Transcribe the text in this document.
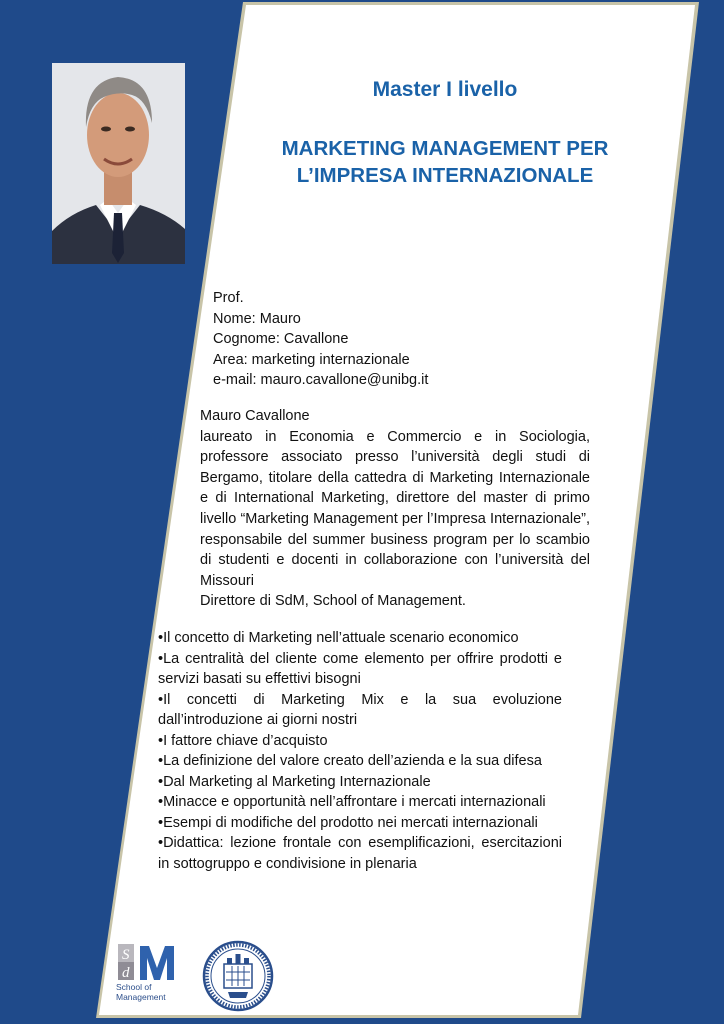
Master I livello
MARKETING MANAGEMENT PER
L’IMPRESA INTERNAZIONALE
Prof.
Nome: Mauro
Cognome: Cavallone
Area: marketing internazionale
e-mail: mauro.cavallone@unibg.it

Mauro Cavallone

laureato in Economia e Commercio e in Sociologia, professore associato presso l’università degli studi di Bergamo, titolare della cattedra di Marketing Internazionale e di International Marketing, direttore del master di primo livello “Marketing Management per l’Impresa Internazionale”, responsabile del summer business program per lo scambio di studenti e docenti in collaborazione con l’università del Missouri

Direttore di SdM, School of Management.

•Il concetto di Marketing nell’attuale scenario economico
•La centralità del cliente come elemento per offrire prodotti e servizi basati su effettivi bisogni
•Il concetti di Marketing Mix e la sua evoluzione dall’introduzione ai giorni nostri
•I fattore chiave d’acquisto
•La definizione del valore creato dell’azienda e la sua difesa
•Dal Marketing al Marketing Internazionale
•Minacce e opportunità nell’affrontare i mercati internazionali
•Esempi di modifiche del prodotto nei mercati internazionali
•Didattica: lezione frontale con esemplificazioni, esercitazioni in sottogruppo e condivisione in plenaria
S
d
School of
Management
